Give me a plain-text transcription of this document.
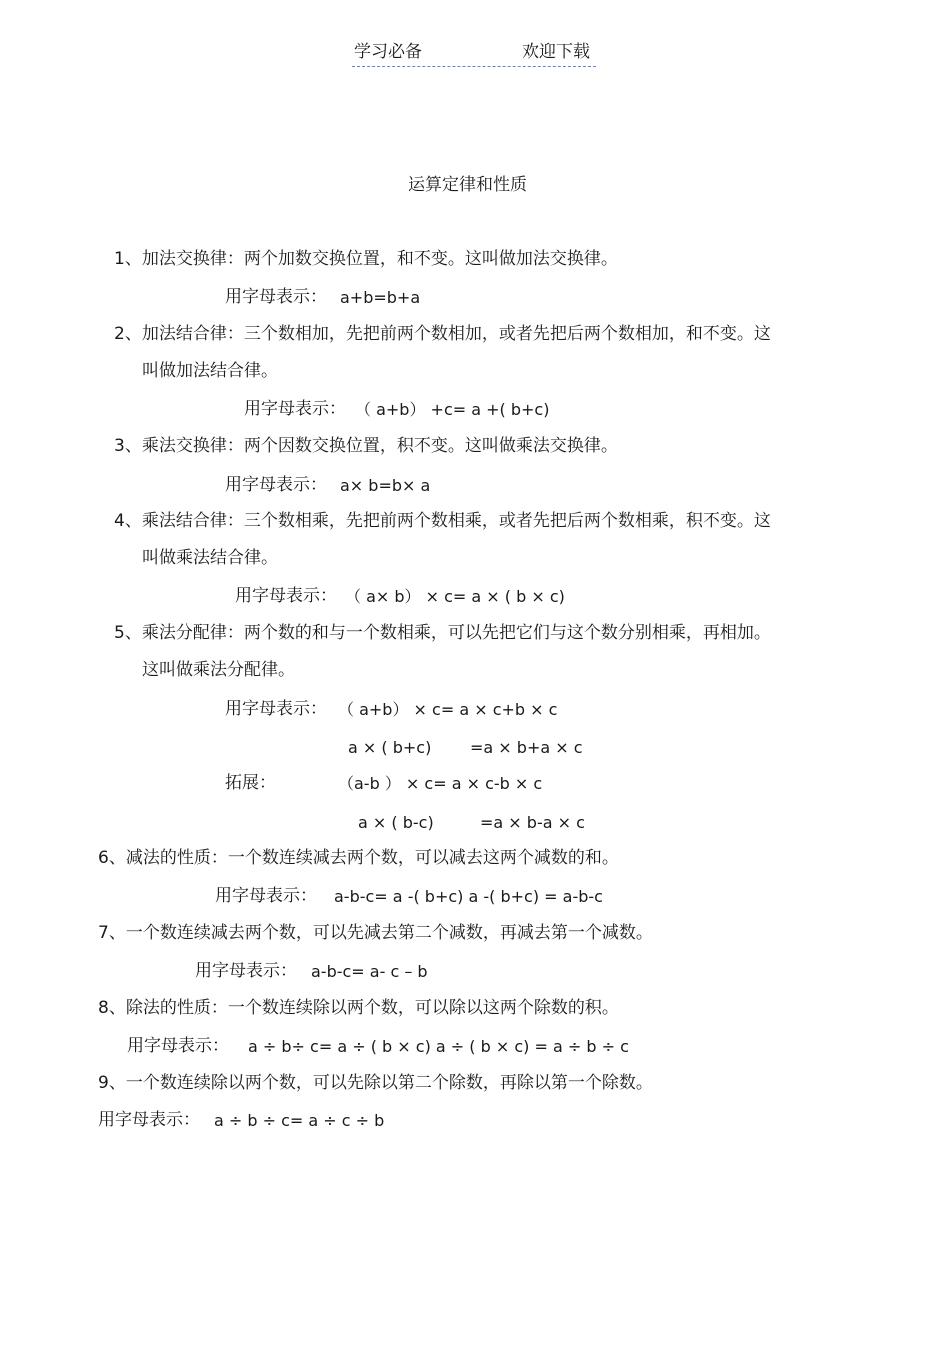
学习必备	欢迎下载
运算定律和性质
1、加法交换律：两个加数交换位置，和不变。这叫做加法交换律。
用字母表示： a+b=b+a
2、加法结合律：三个数相加，先把前两个数相加，或者先把后两个数相加，和不变。这
叫做加法结合律。
用字母表示： （ a+b） +c= a +( b+c)
3、乘法交换律：两个因数交换位置，积不变。这叫做乘法交换律。
用字母表示： a× b=b× a
4、乘法结合律：三个数相乘，先把前两个数相乘，或者先把后两个数相乘，积不变。这
叫做乘法结合律。
用字母表示： （ a× b） × c= a × ( b × c)
5、乘法分配律：两个数的和与一个数相乘，可以先把它们与这个数分别相乘，再相加。
这叫做乘法分配律。
用字母表示： （ a+b） × c= a × c+b × c
a × ( b+c) =a × b+a × c
拓展：	（a-b ） × c= a × c-b × c
a × ( b-c)	=a × b-a × c
6、减法的性质：一个数连续减去两个数，可以减去这两个减数的和。
用字母表示： a-b-c= a -( b+c) a -( b+c) = a-b-c
7、一个数连续减去两个数，可以先减去第二个减数，再减去第一个减数。
用字母表示： a-b-c= a- c – b
8、除法的性质：一个数连续除以两个数，可以除以这两个除数的积。
用字母表示： a ÷ b÷ c= a ÷ ( b × c) a ÷ ( b × c) = a ÷ b ÷ c
9、一个数连续除以两个数，可以先除以第二个除数，再除以第一个除数。
用字母表示： a ÷ b ÷ c= a ÷ c ÷ b
